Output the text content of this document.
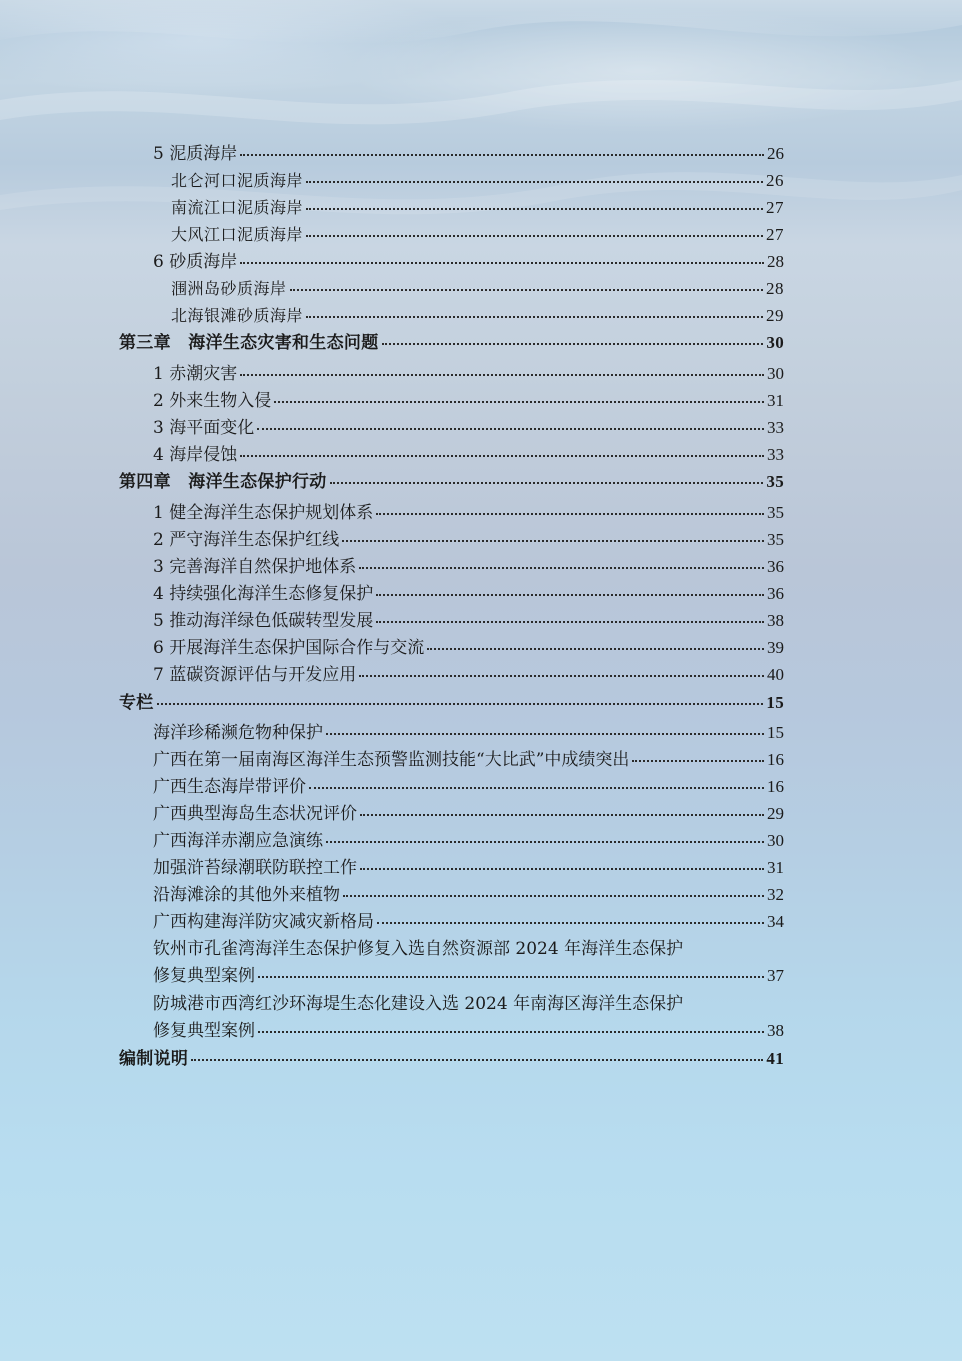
5 泥质海岸	26
北仑河口泥质海岸	26
南流江口泥质海岸	27
大风江口泥质海岸	27
6 砂质海岸	28
涠洲岛砂质海岸	28
北海银滩砂质海岸	29
第三章　海洋生态灾害和生态问题	30
1 赤潮灾害	30
2 外来生物入侵	31
3 海平面变化	33
4 海岸侵蚀	33
第四章　海洋生态保护行动	35
1 健全海洋生态保护规划体系	35
2 严守海洋生态保护红线	35
3 完善海洋自然保护地体系	36
4 持续强化海洋生态修复保护	36
5 推动海洋绿色低碳转型发展	38
6 开展海洋生态保护国际合作与交流	39
7 蓝碳资源评估与开发应用	40
专栏	15
海洋珍稀濒危物种保护	15
广西在第一届南海区海洋生态预警监测技能“大比武”中成绩突出	16
广西生态海岸带评价	16
广西典型海岛生态状况评价	29
广西海洋赤潮应急演练	30
加强浒苔绿潮联防联控工作	31
沿海滩涂的其他外来植物	32
广西构建海洋防灾减灾新格局	34
钦州市孔雀湾海洋生态保护修复入选自然资源部 2024 年海洋生态保护
修复典型案例	37
防城港市西湾红沙环海堤生态化建设入选 2024 年南海区海洋生态保护
修复典型案例	38
编制说明	41
